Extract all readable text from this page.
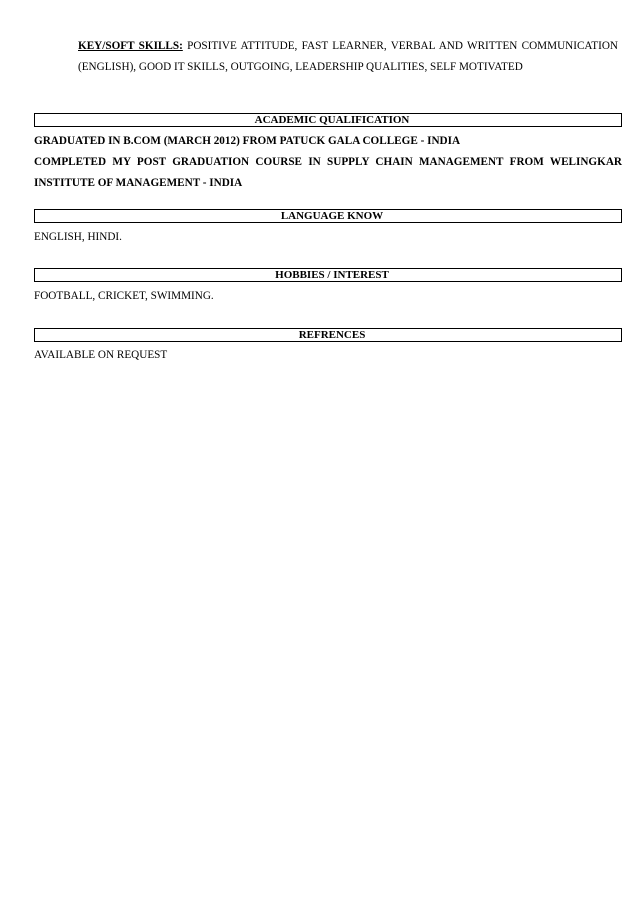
KEY/SOFT SKILLS: POSITIVE ATTITUDE, FAST LEARNER, VERBAL AND WRITTEN COMMUNICATION (ENGLISH), GOOD IT SKILLS, OUTGOING, LEADERSHIP QUALITIES, SELF MOTIVATED
ACADEMIC QUALIFICATION
GRADUATED IN B.COM (MARCH 2012) FROM PATUCK GALA COLLEGE - INDIA
COMPLETED MY POST GRADUATION COURSE IN SUPPLY CHAIN MANAGEMENT FROM WELINGKAR
INSTITUTE OF MANAGEMENT - INDIA
LANGUAGE KNOW
ENGLISH, HINDI.
HOBBIES / INTEREST
FOOTBALL, CRICKET, SWIMMING.
REFRENCES
AVAILABLE ON REQUEST
